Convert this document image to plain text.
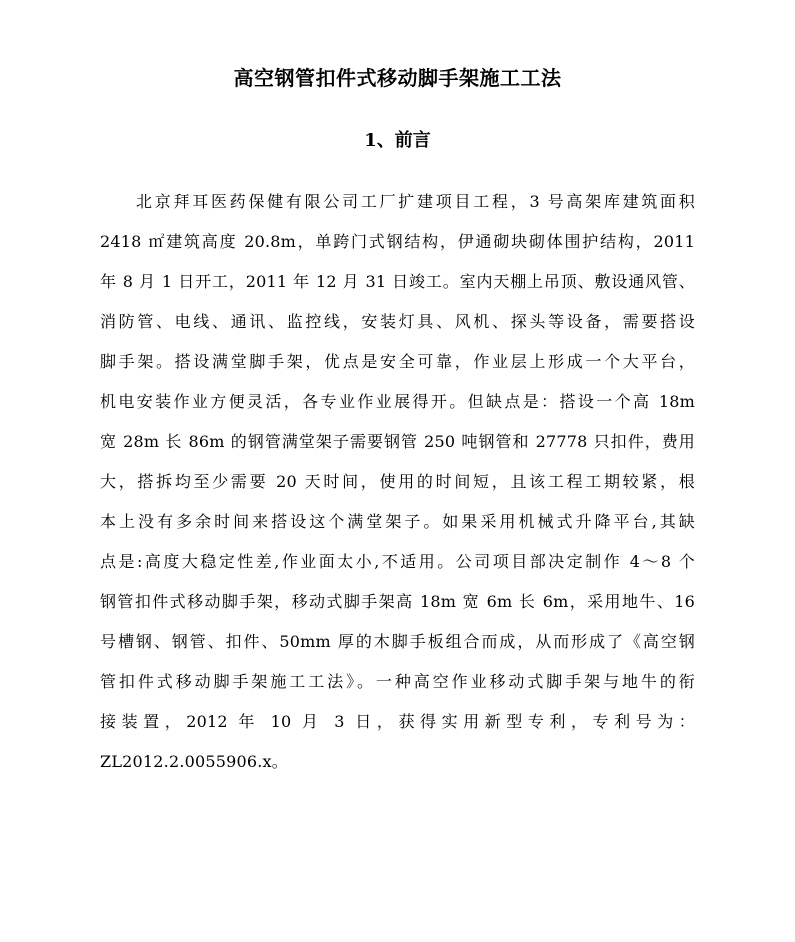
高空钢管扣件式移动脚手架施工工法
1、前言
北京拜耳医药保健有限公司工厂扩建项目工程，3 号高架库建筑面积
2418 ㎡建筑高度 20.8m，单跨门式钢结构，伊通砌块砌体围护结构，2011
年 8 月 1 日开工，2011 年 12 月 31 日竣工。室内天棚上吊顶、敷设通风管、
消防管、电线、通讯、监控线，安装灯具、风机、探头等设备，需要搭设
脚手架。搭设满堂脚手架，优点是安全可靠，作业层上形成一个大平台，
机电安装作业方便灵活，各专业作业展得开。但缺点是：搭设一个高 18m
宽 28m 长 86m 的钢管满堂架子需要钢管 250 吨钢管和 27778 只扣件，费用
大，搭拆均至少需要 20 天时间，使用的时间短，且该工程工期较紧，根
本上没有多余时间来搭设这个满堂架子。如果采用机械式升降平台,其缺
点是:高度大稳定性差,作业面太小,不适用。公司项目部决定制作 4～8 个
钢管扣件式移动脚手架，移动式脚手架高 18m 宽 6m 长 6m，采用地牛、16
号槽钢、钢管、扣件、50mm 厚的木脚手板组合而成，从而形成了《高空钢
管扣件式移动脚手架施工工法》。一种高空作业移动式脚手架与地牛的衔
接装置，2012 年 10 月 3 日，获得实用新型专利，专利号为：
ZL2012.2.0055906.x。
